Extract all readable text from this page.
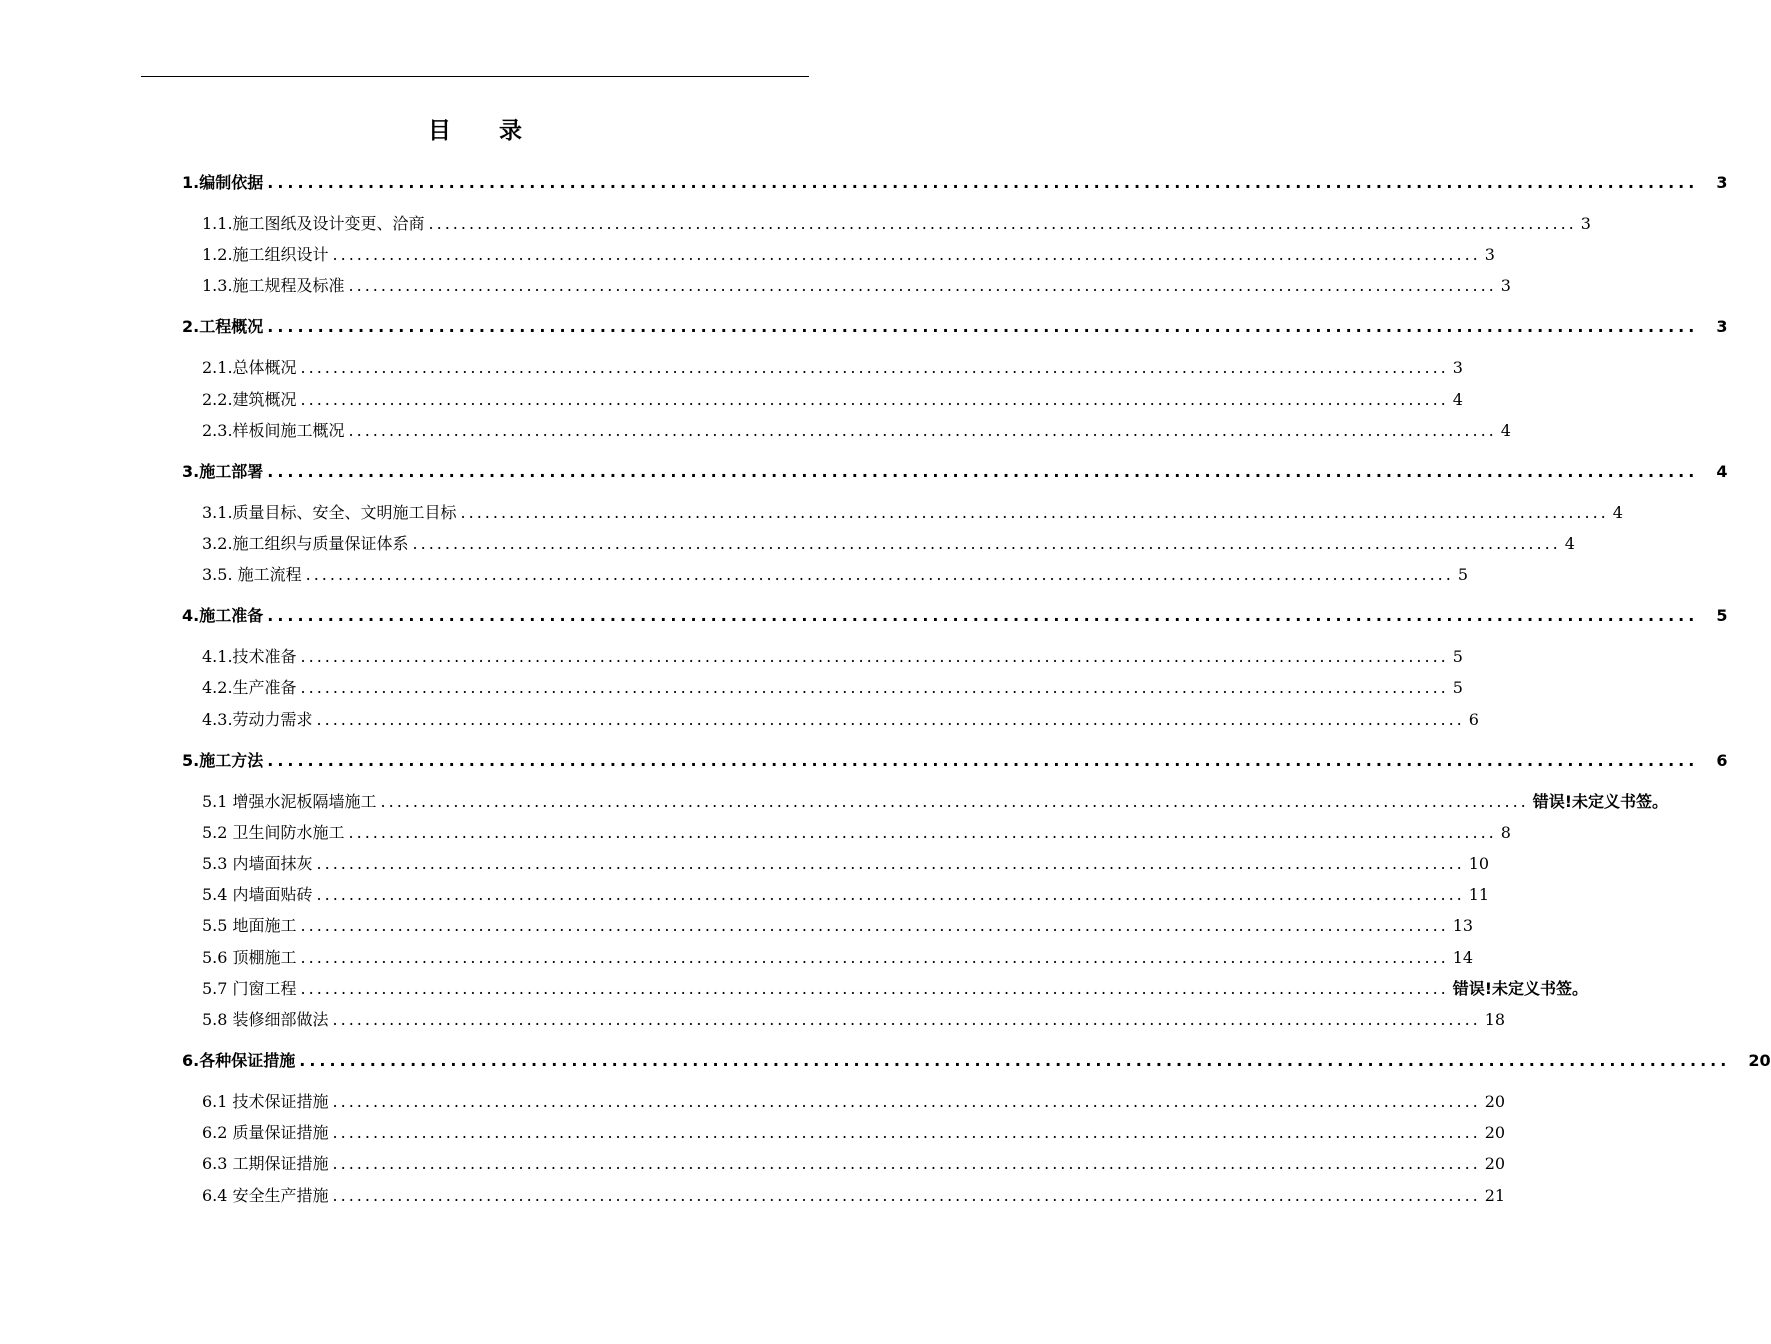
目 录
1. 编制依据 .............................................................................................................................................. 3
1.1.施工图纸及设计变更、洽商 .............................................................................................................................................. 3
1.2.施工组织设计 .............................................................................................................................................. 3
1.3.施工规程及标准 .............................................................................................................................................. 3
2. 工程概况 .............................................................................................................................................. 3
2.1.总体概况 .............................................................................................................................................. 3
2.2.建筑概况 .............................................................................................................................................. 4
2.3.样板间施工概况 .............................................................................................................................................. 4
3. 施工部署 .............................................................................................................................................. 4
3.1.质量目标、安全、文明施工目标 .............................................................................................................................................. 4
3.2.施工组织与质量保证体系 .............................................................................................................................................. 4
3.5. 施工流程 .............................................................................................................................................. 5
4. 施工准备 .............................................................................................................................................. 5
4.1.技术准备 .............................................................................................................................................. 5
4.2.生产准备 .............................................................................................................................................. 5
4.3.劳动力需求 .............................................................................................................................................. 6
5. 施工方法 .............................................................................................................................................. 6
5.1 增强水泥板隔墙施工 .............................................................................................................................................. 错误!未定义书签。
5.2 卫生间防水施工 .............................................................................................................................................. 8
5.3 内墙面抹灰 .............................................................................................................................................. 10
5.4 内墙面贴砖 .............................................................................................................................................. 11
5.5 地面施工 .............................................................................................................................................. 13
5.6 顶棚施工 .............................................................................................................................................. 14
5.7 门窗工程 .............................................................................................................................................. 错误!未定义书签。
5.8 装修细部做法 .............................................................................................................................................. 18
6. 各种保证措施 .............................................................................................................................................. 20
6.1 技术保证措施 .............................................................................................................................................. 20
6.2 质量保证措施 .............................................................................................................................................. 20
6.3 工期保证措施 .............................................................................................................................................. 20
6.4 安全生产措施 .............................................................................................................................................. 21
